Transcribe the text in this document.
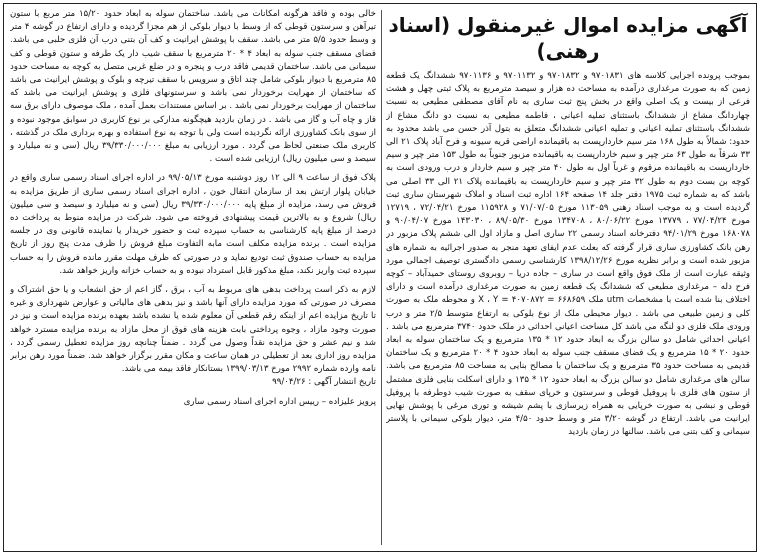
آگهی مزایده اموال غیرمنقول (اسناد رهنی)

بموجب پرونده اجرایی کلاسه های ۹۷۰۱۸۳۱ و ۹۷۰۱۸۳۲ و ۹۷۰۱۱۳۲ و ۹۷۰۱۱۳۶ ششدانگ یک قطعه زمین که به صورت مرغداری درآمده به مساحت ده هزار و سیصد مترمربع به پلاک ثبتی چهل و هشت فرعی از بیست و یک اصلی واقع در بخش پنج ثبت ساری به نام آقای مصطفی مطیعی به نسبت چهاردانگ مشاع از ششدانگ باستثنای تملیه اعیانی ، فاطمه مطیعی به نسبت دو دانگ مشاع از ششدانگ باستثنای تملیه اعیانی و تملیه اعیانی ششدانگ متعلق به بتول آذر حسن می باشد محدود به حدود: شمالاً به طول ۱۶۸ متر سیم خاردارپست به باقیمانده اراضی قریه سیونه و فرح آباد پلاک ۲۱ الی ۳۳ شرقاً به طول ۶۳ متر چپر و سیم خاردارپست به باقیمانده مزبور جنوباً به طول ۱۵۳ متر چپر و سیم خاردارپست به باقیمانده مرقوم و غرباً اول به طول ۴۰ متر چپر و سیم خاردار و درب ورودی است به کوچه بن بست دوم به طول ۳۲ متر چپر و سیم خاردارپست به باقیمانده پلاک ۲۱ الی ۳۳ اصلی می باشد که به شماره ثبت ۱۹۷۵ دفتر جلد ۱۴ صفحه ۱۶۴ اداره ثبت اسناد و املاک شهرستان ساری ثبت گردیده است و به موجب اسناد رهنی ۱۱۳۰۵۹ مورخ ۷۱/۰۷/۰۵ و ۱۱۵۹۲۸ مورخ ۷۲/۰۴/۲۱ ، ۱۲۷۱۹ مورخ ۷۷/۰۴/۲۴ ، ۱۳۷۷۹ مورخ ۸۰/۰۶/۲۲ ، ۱۳۴۷۰۸ مورخ ۸۹/۰۵/۳۰ ، ۱۴۳۰۳۰ مورخ ۹۰/۰۴/۰۷ و ۱۶۸۰۷۸ مورخ ۹۴/۰۱/۲۹ دفترخانه اسناد رسمی ۲۲ ساری اصل و مازاد اول الی ششم پلاک مزبور در رهن بانک کشاورزی ساری قرار گرفته که بعلت عدم ایفای تعهد منجر به صدور اجرائیه به شماره های مزبور شده است و برابر نظریه مورخ ۱۳۹۸/۱۲/۲۶ کارشناسی رسمی دادگستری توصیف اجمالی مورد وثیقه عبارت است از ملک فوق واقع است در ساری – جاده دریا – روبروی روستای حمیدآباد – کوچه فرح دله – مرغداری مطیعی که ششدانگ یک قطعه زمین به صورت مرغداری درآمده است و دارای اختلاف بنا شده است با مشخصات utm ملک ۶۶۸۶۵۹ = X ، Y = ۴۰۷۰۸۷۲ و محوطه ملک به صورت کلی و زمین طبیعی می باشد . دیوار محیطی ملک از نوع بلوکی به ارتفاع متوسط ۲/۵ متر و درب ورودی ملک فلزی دو لنگه می باشد کل مساحت اعیانی احداثی در ملک حدود ۳۷۴۰ مترمربع می باشد . اعیانی احداثی شامل دو سالن بزرگ به ابعاد حدود ۱۲ * ۱۳۵ مترمربع و یک ساختمان سوله به ابعاد حدود ۲۰ * ۱۵ مترمربع و یک فضای مسقف جنب سوله به ابعاد حدود ۴ * ۲۰ مترمربع و یک ساختمان قدیمی به مساحت حدود ۳۵ مترمربع و یک ساختمان با مصالح بنایی به مساحت ۸۵ مترمربع می باشد. سالن های مرغداری شامل دو سالن بزرگ به ابعاد حدود ۱۲ * ۱۳۵ و دارای اسکلت بنایی فلزی مشتمل از ستون های فلزی با پروفیل قوطی و سرستون و خرپای سقف به صورت شیب دوطرفه با پروفیل قوطی و نبشی به صورت خرپایی به همراه زیرسازی با پشم شیشه و توری مرغی با پوشش نهایی ایرانیت می باشد. ارتفاع در گوشه ۳/۲۰ متر و وسط حدود ۴/۵۰ متر، دیوار بلوکی سیمانی با پلاستر سیمانی و کف بتنی می باشد. سالنها در زمان بازدید

خالی بوده و فاقد هرگونه امکانات می باشد. ساختمان سوله به ابعاد حدود ۱۵/۲۰ متر مربع با ستون تیرآهن و سرستون قوطی که از وسط با دیوار بلوکی از هم مجزا گردیده و دارای ارتفاع در گوشه ۴ متر و وسط حدود ۵/۵ متر می باشد. سقف با پوشش ایرانیت و کف آن بتنی درب آن فلزی حلبی می باشد. فضای مسقف جنب سوله به ابعاد ۴ * ۲۰ مترمربع با سقف شیب دار یک طرفه و ستون قوطی و کف سیمانی می باشد. ساختمان قدیمی فاقد درب و پنجره و در ضلع غربی متصل به کوچه به مساحت حدود ۸۵ مترمربع با دیوار بلوکی شامل چند اتاق و سرویس با سقف تیرچه و بلوک و پوشش ایرانیت می باشد که ساختمان از مهرایت برخوردار نمی باشد و سرستونهای فلزی و پوشش ایرانیت می باشد که ساختمان از مهرایت برخوردار نمی باشد . بر اساس مستندات بعمل آمده ، ملک موصوف دارای برق سه فاز و چاه آب و گاز می باشد . در زمان بازدید هیچگونه مدارکی بر نوع کاربری در سوابق موجود نبوده و از سوی بانک کشاورزی ارائه نگردیده است ولی با توجه به نوع استفاده و بهره برداری ملک در گذشته ، کاربری ملک صنعتی لحاظ می گردد . مورد ارزیابی به مبلغ ۳۹/۳۳۰/۰۰۰/۰۰۰ ریال (سی و نه میلیارد و سیصد و سی میلیون ریال) ارزیابی شده است .

پلاک فوق از ساعت ۹ الی ۱۲ روز دوشنبه مورخ ۹۹/۰۵/۱۳ در اداره اجرای اسناد رسمی ساری واقع در خیابان پلوار ارتش بعد از سازمان انتقال خون ، اداره اجرای اسناد رسمی ساری از طریق مزایده به فروش می رسد، مزایده از مبلغ پایه ۳۹/۳۳۰/۰۰۰/۰۰۰ ریال (سی و نه میلیارد و سیصد و سی میلیون ریال) شروع و به بالاترین قیمت پیشنهادی فروخته می شود. شرکت در مزایده منوط به پرداخت ده درصد از مبلغ پایه کارشناسی به حساب سپرده ثبت و حضور خریدار یا نماینده قانونی وی در جلسه مزایده است . برنده مزایده مکلف است مابه التفاوت مبلغ فروش را ظرف مدت پنج روز از تاریخ مزایده به حساب صندوق ثبت تودیع نماید و در صورتی که ظرف مهلت مقرر مانده فروش را به حساب سپرده ثبت واریز نکند، مبلغ مذکور قابل استرداد نبوده و به حساب خزانه واریز خواهد شد.

لازم به ذکر است پرداخت بدهی های مربوط به آب ، برق ، گاز اعم از حق انشعاب و یا حق اشتراک و مصرف در صورتی که مورد مزایده دارای آنها باشد و نیز بدهی های مالیاتی و عوارض شهرداری و غیره تا تاریخ مزایده اعم از اینکه رقم قطعی آن معلوم شده یا نشده باشد بعهده برنده مزایده است و نیز در صورت وجود مازاد ، وجوه پرداختی بابت هزینه های فوق از محل مازاد به برنده مزایده مسترد خواهد شد و نیم عشر و حق مزایده نقداً وصول می گردد . ضمناً چنانچه روز مزایده تعطیل رسمی گردد ، مزایده روز اداری بعد از تعطیلی در همان ساعت و مکان مقرر برگزار خواهد شد. ضمناً مورد رهن برابر نامه وارده شماره ۲۹۹۲ مورخ ۱۳۹۹/۰۳/۱۳ بستانکار فاقد بیمه می باشد.

تاریخ انتشار آگهی : ۹۹/۰۴/۲۶

پرویز علیزاده – رییس اداره اجرای اسناد رسمی ساری
